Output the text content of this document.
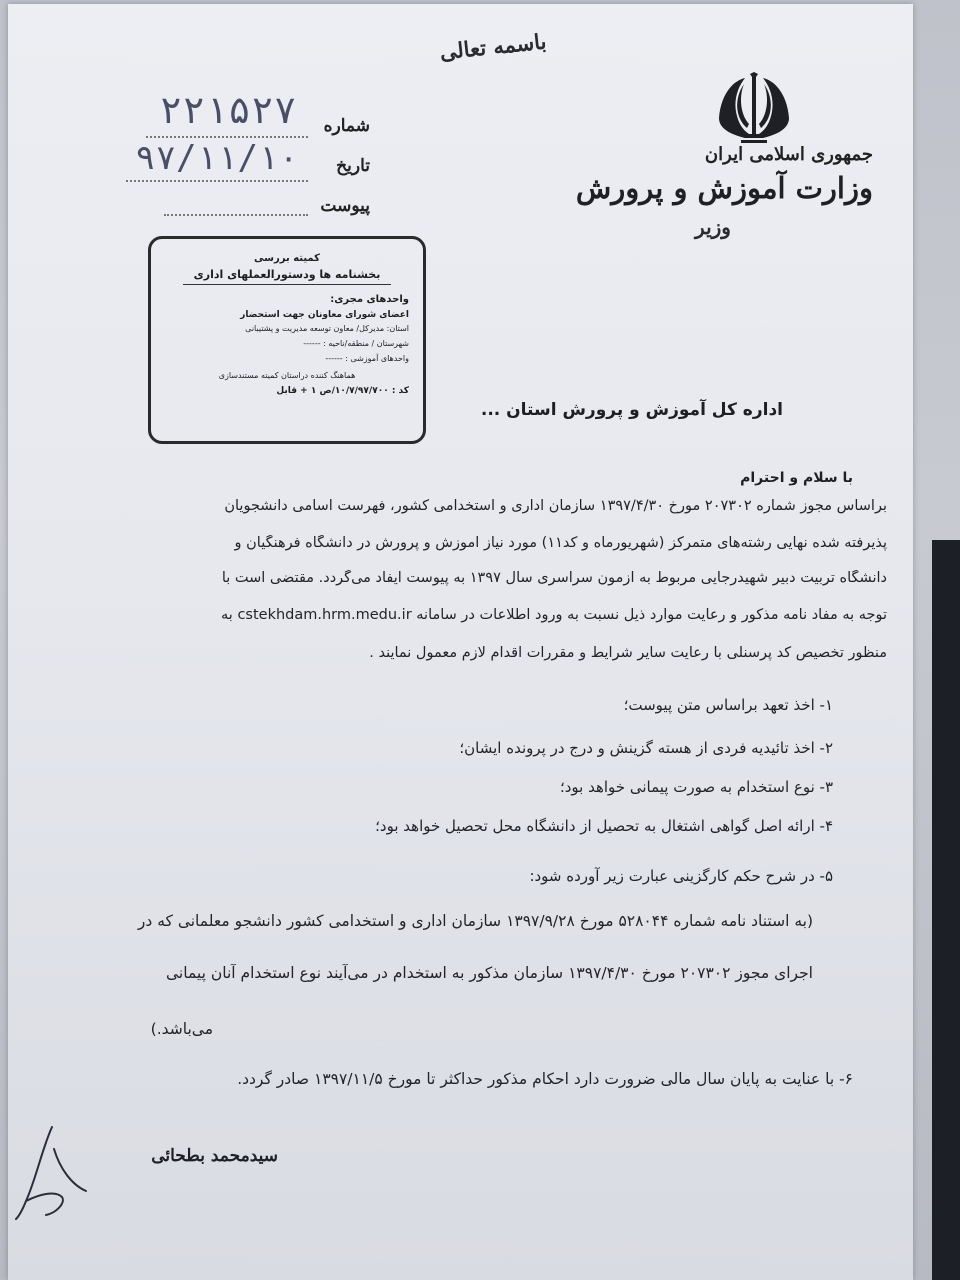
باسمه تعالی
جمهوری اسلامی ایران
وزارت آموزش و پرورش
وزیر
شماره
۲۲۱۵۲۷
تاریخ
۹۷/۱۱/۱۰
پیوست
کمیته بررسی
بخشنامه ها ودستورالعملهای اداری
واحدهای مجری:
اعضای شورای معاونان جهت استحضار
استان: مدیرکل/ معاون توسعه مدیریت و پشتیبانی
شهرستان / منطقه/ناحیه : ------
واحدهای آموزشی : ------
هماهنگ کننده دراستان کمیته مستندسازی
کد : ۱۰/۷/۹۷/۷۰۰/ص ۱ + قابل
اداره کل آموزش و پرورش استان ...
با سلام و احترام
براساس مجوز شماره ۲۰۷۳۰۲ مورخ ۱۳۹۷/۴/۳۰ سازمان اداری و استخدامی کشور، فهرست اسامی دانشجویان
پذیرفته شده نهایی رشته‌های متمرکز (شهریورماه و کد۱۱) مورد نیاز آموزش و پرورش در دانشگاه فرهنگیان و
دانشگاه تربیت دبیر شهیدرجایی مربوط به آزمون سراسری سال ۱۳۹۷ به پیوست ایفاد می‌گردد. مقتضی است با
توجه به مفاد نامه مذکور و رعایت موارد ذیل نسبت به ورود اطلاعات در سامانه cstekhdam.hrm.medu.ir به
منظور تخصیص کد پرسنلی با رعایت سایر شرایط و مقررات اقدام لازم معمول نمایند .
۱- اخذ تعهد براساس متن پیوست؛
۲- اخذ تائیدیه فردی از هسته گزینش و درج در پرونده ایشان؛
۳- نوع استخدام به صورت پیمانی خواهد بود؛
۴- ارائه اصل گواهی اشتغال به تحصیل از دانشگاه محل تحصیل خواهد بود؛
۵- در شرح حکم کارگزینی عبارت زیر آورده شود:
(به استناد نامه شماره ۵۲۸۰۴۴ مورخ ۱۳۹۷/۹/۲۸ سازمان اداری و استخدامی کشور دانشجو معلمانی که در
اجرای مجوز ۲۰۷۳۰۲ مورخ ۱۳۹۷/۴/۳۰ سازمان مذکور به استخدام در می‌آیند نوع استخدام آنان پیمانی
می‌باشد.)
۶- با عنایت به پایان سال مالی ضرورت دارد احکام مذکور حداکثر تا مورخ ۱۳۹۷/۱۱/۵ صادر گردد.
سیدمحمد بطحائی
